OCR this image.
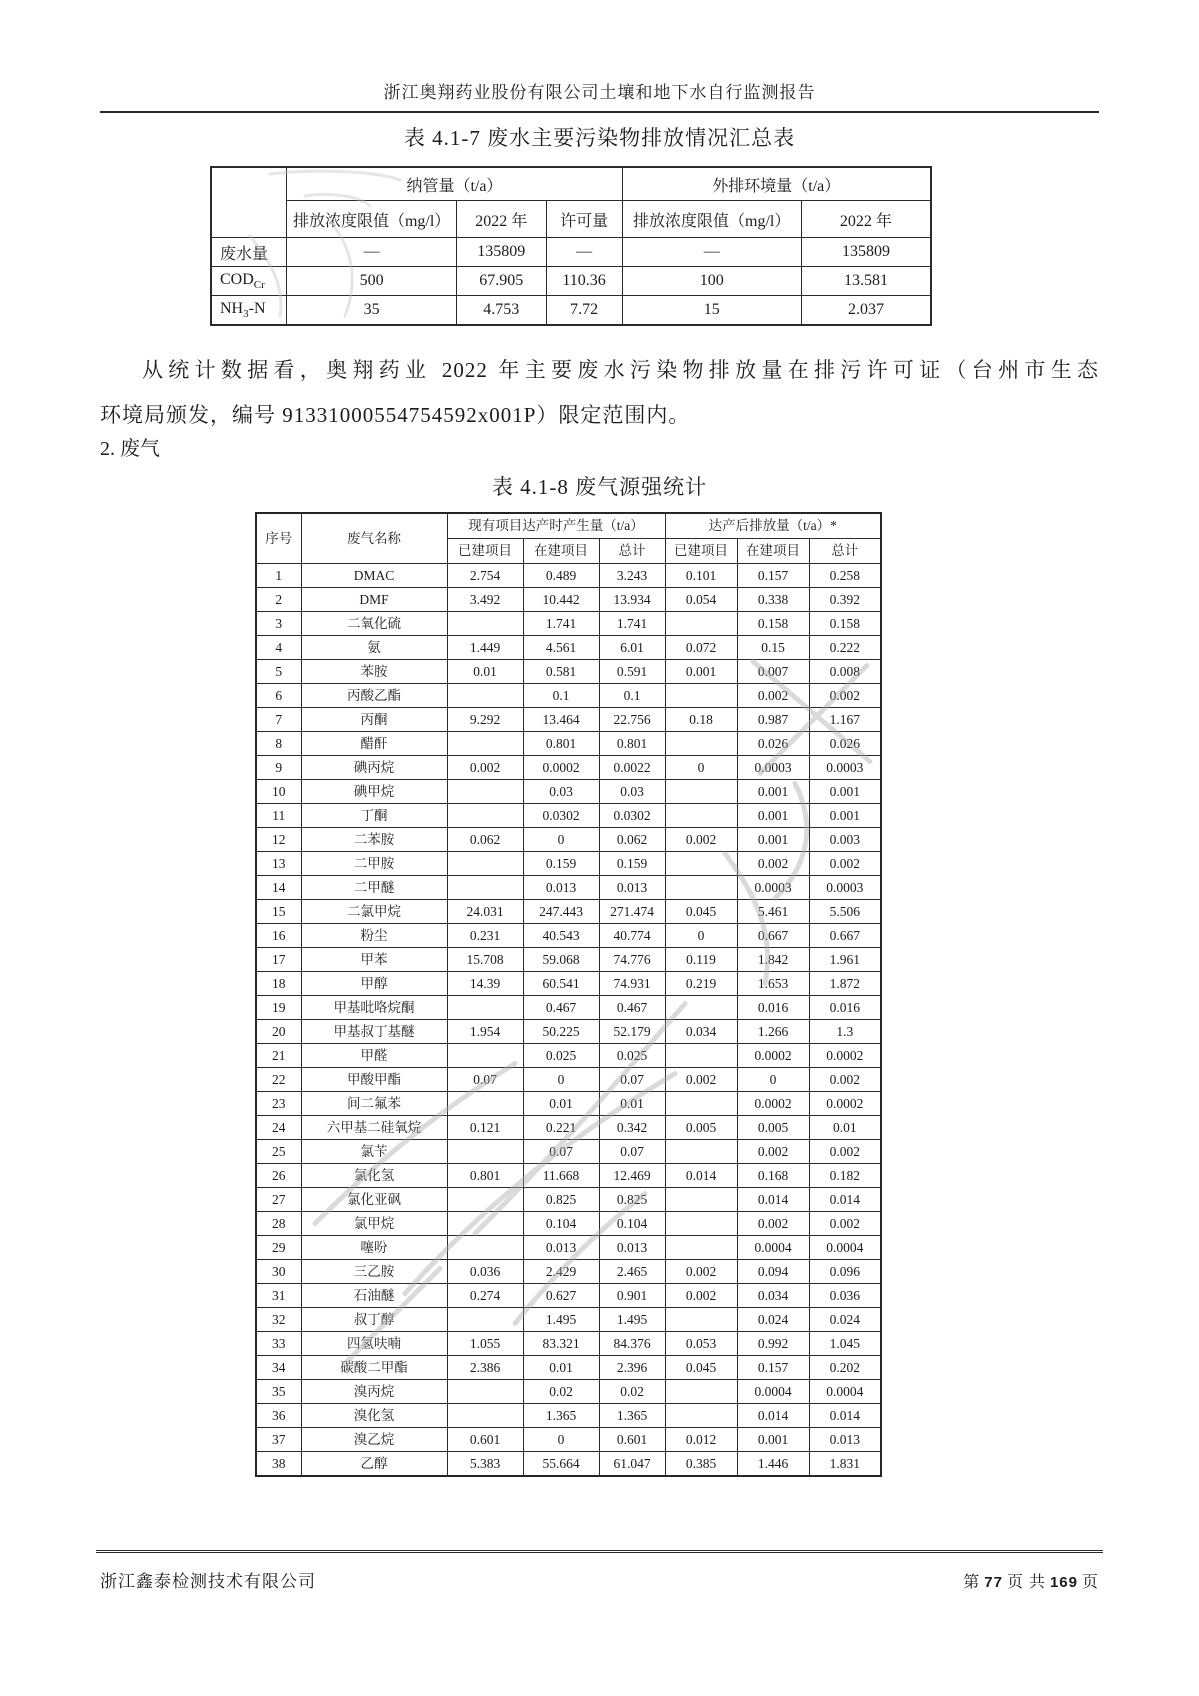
浙江奥翔药业股份有限公司土壤和地下水自行监测报告
表 4.1-7 废水主要污染物排放情况汇总表
	纳管量（t/a）			外排环境量（t/a）	
	排放浓度限值（mg/l）	2022 年	许可量	排放浓度限值（mg/l）	2022 年
废水量	—	135809	—	—	135809
$COD_{Cr}$	500	67.905	110.36	100	13.581
$NH_3-N$	35	4.753	7.72	15	2.037
从统计数据看，奥翔药业 2022 年主要废水污染物排放量在排污许可证（台州市生态
环境局颁发，编号 91331000554754592x001P）限定范围内。
2. 废气
表 4.1-8 废气源强统计
序号	废气名称	现有项目达产时产生量（t/a）			达产后排放量（t/a）*		
		已建项目	在建项目	总计	已建项目	在建项目	总计
1	DMAC	2.754	0.489	3.243	0.101	0.157	0.258
2	DMF	3.492	10.442	13.934	0.054	0.338	0.392
3	二氧化硫		1.741	1.741		0.158	0.158
4	氨	1.449	4.561	6.01	0.072	0.15	0.222
5	苯胺	0.01	0.581	0.591	0.001	0.007	0.008
6	丙酸乙酯		0.1	0.1		0.002	0.002
7	丙酮	9.292	13.464	22.756	0.18	0.987	1.167
8	醋酐		0.801	0.801		0.026	0.026
9	碘丙烷	0.002	0.0002	0.0022	0	0.0003	0.0003
10	碘甲烷		0.03	0.03		0.001	0.001
11	丁酮		0.0302	0.0302		0.001	0.001
12	二苯胺	0.062	0	0.062	0.002	0.001	0.003
13	二甲胺		0.159	0.159		0.002	0.002
14	二甲醚		0.013	0.013		0.0003	0.0003
15	二氯甲烷	24.031	247.443	271.474	0.045	5.461	5.506
16	粉尘	0.231	40.543	40.774	0	0.667	0.667
17	甲苯	15.708	59.068	74.776	0.119	1.842	1.961
18	甲醇	14.39	60.541	74.931	0.219	1.653	1.872
19	甲基吡咯烷酮		0.467	0.467		0.016	0.016
20	甲基叔丁基醚	1.954	50.225	52.179	0.034	1.266	1.3
21	甲醛		0.025	0.025		0.0002	0.0002
22	甲酸甲酯	0.07	0	0.07	0.002	0	0.002
23	间二氟苯		0.01	0.01		0.0002	0.0002
24	六甲基二硅氧烷	0.121	0.221	0.342	0.005	0.005	0.01
25	氯苄		0.07	0.07		0.002	0.002
26	氯化氢	0.801	11.668	12.469	0.014	0.168	0.182
27	氯化亚砜		0.825	0.825		0.014	0.014
28	氯甲烷		0.104	0.104		0.002	0.002
29	噻吩		0.013	0.013		0.0004	0.0004
30	三乙胺	0.036	2.429	2.465	0.002	0.094	0.096
31	石油醚	0.274	0.627	0.901	0.002	0.034	0.036
32	叔丁醇		1.495	1.495		0.024	0.024
33	四氢呋喃	1.055	83.321	84.376	0.053	0.992	1.045
34	碳酸二甲酯	2.386	0.01	2.396	0.045	0.157	0.202
35	溴丙烷		0.02	0.02		0.0004	0.0004
36	溴化氢		1.365	1.365		0.014	0.014
37	溴乙烷	0.601	0	0.601	0.012	0.001	0.013
38	乙醇	5.383	55.664	61.047	0.385	1.446	1.831
浙江鑫泰检测技术有限公司	第 77 页 共 169 页
